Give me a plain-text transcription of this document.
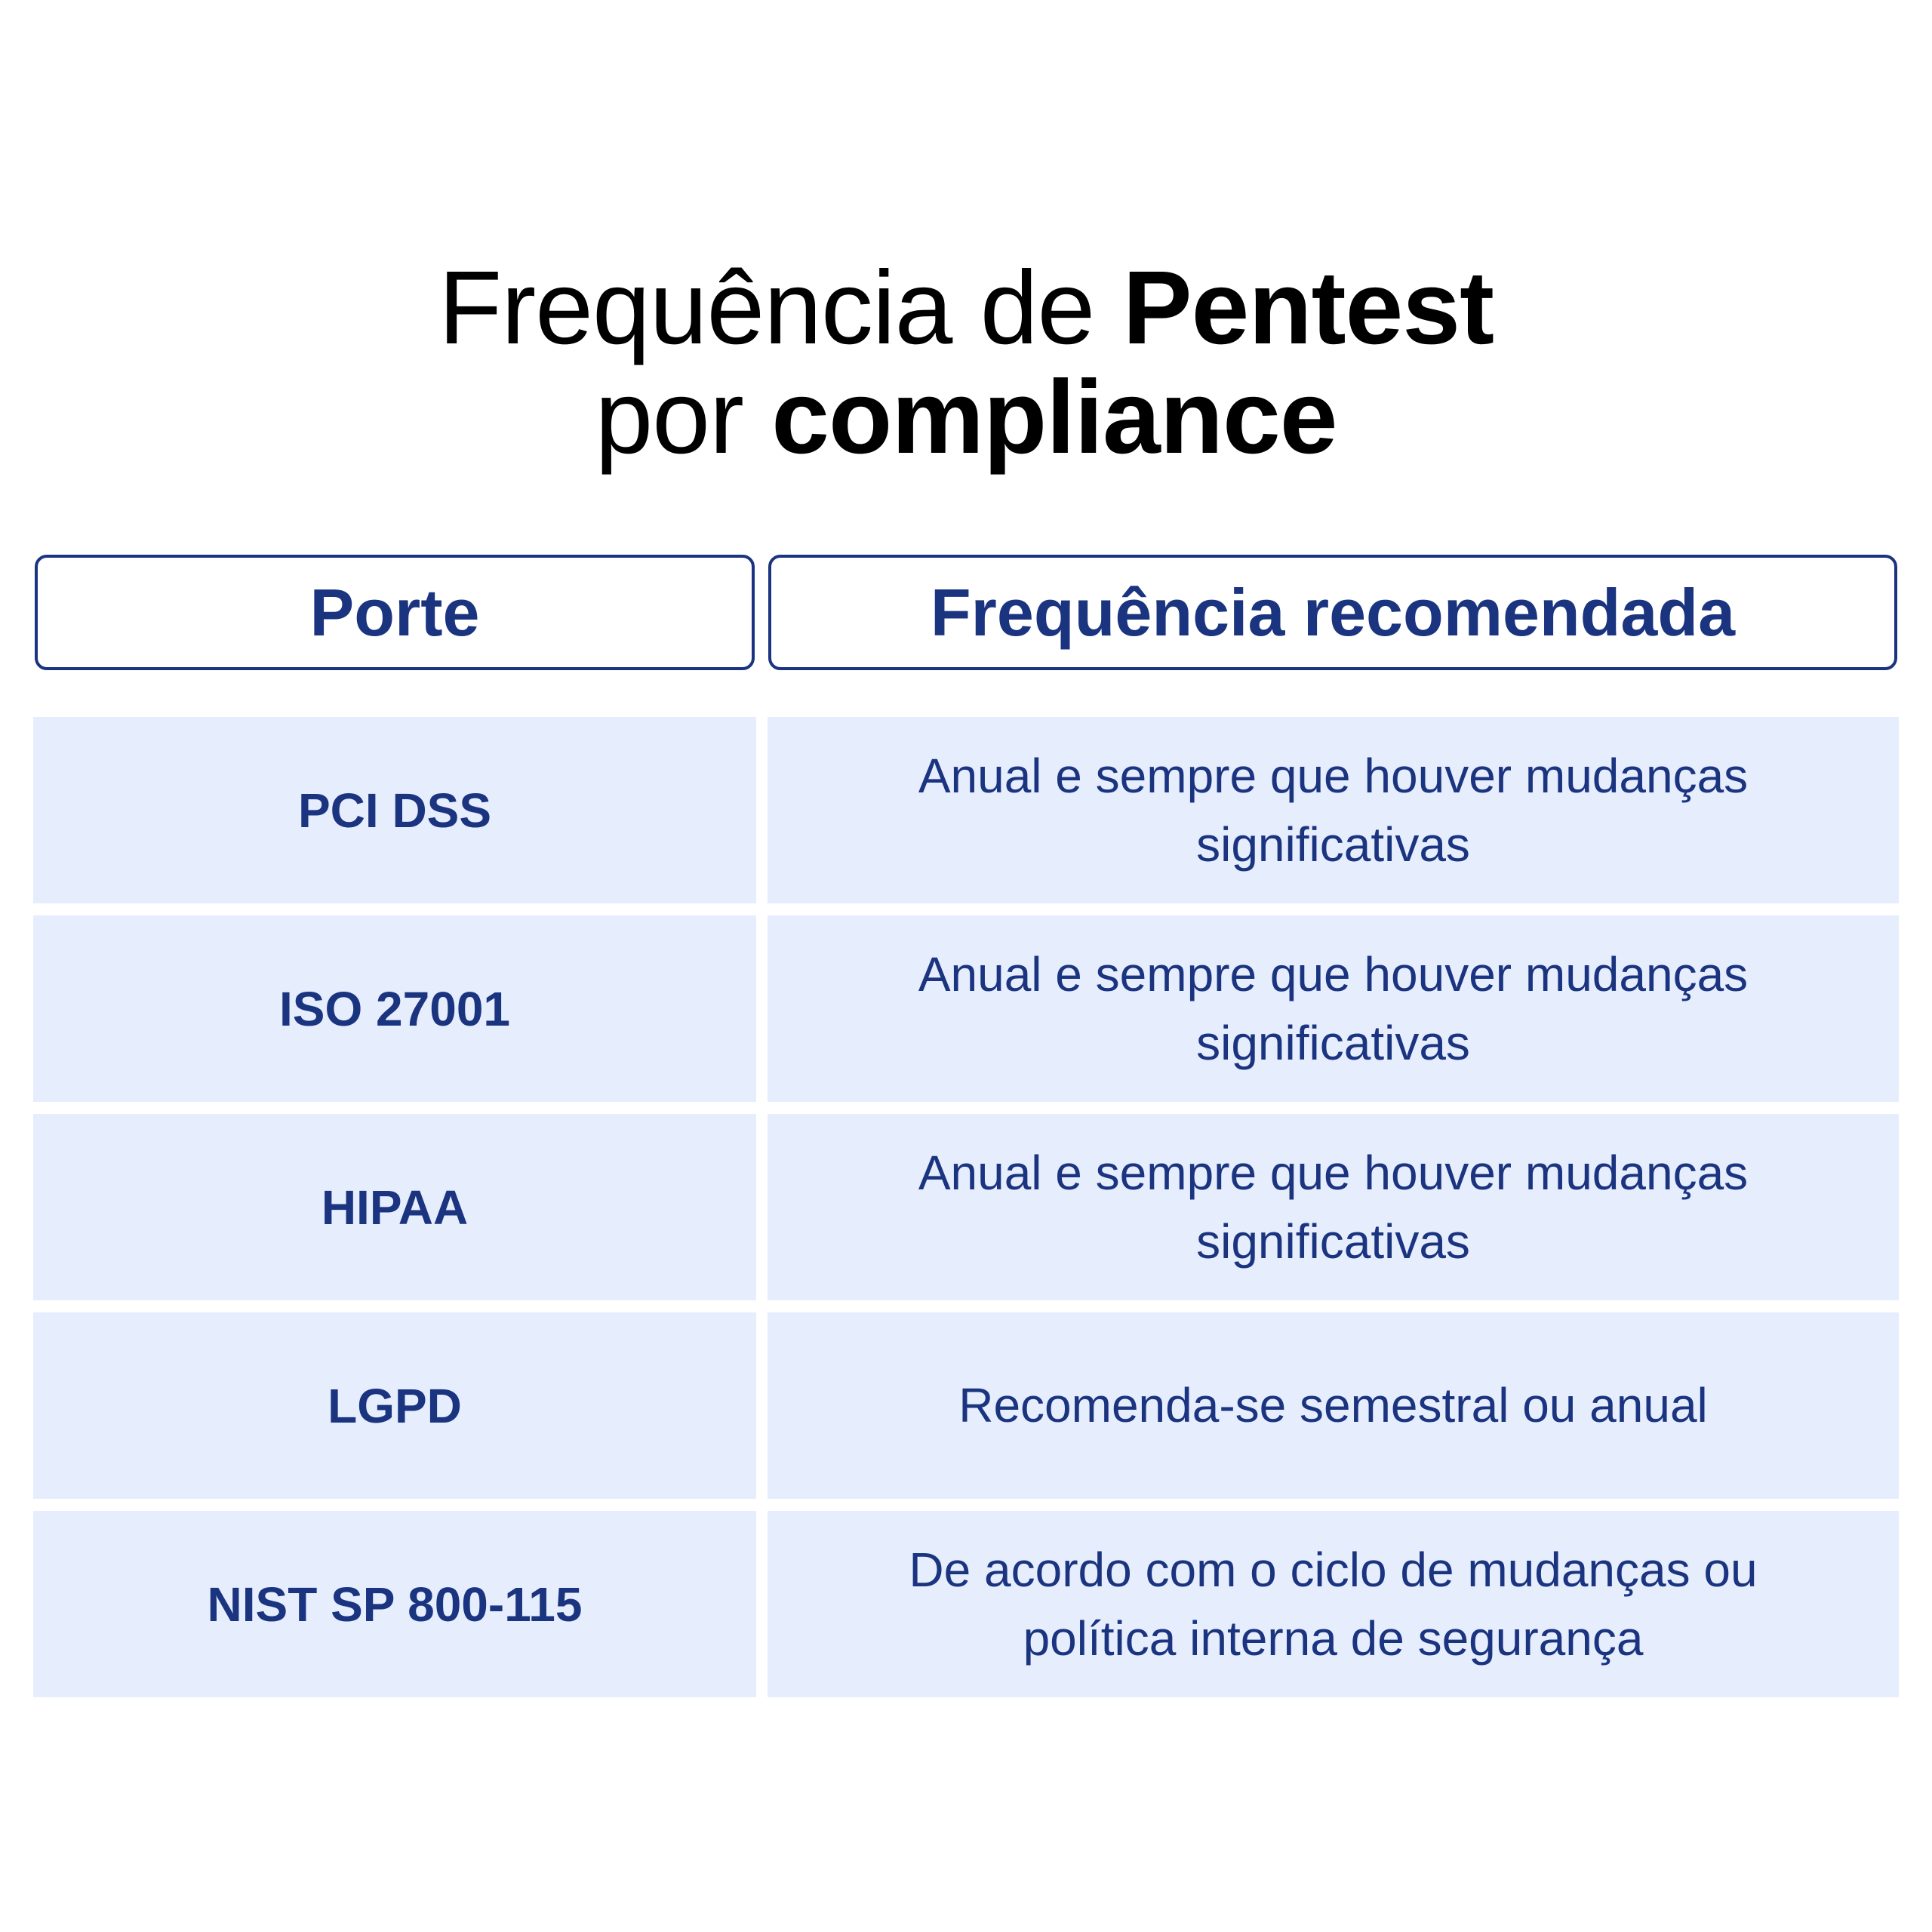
Frequência de Pentest
por compliance
Porte	Frequência recomendada
PCI DSS
Anual e sempre que houver mudanças significativas
ISO 27001
Anual e sempre que houver mudanças significativas
HIPAA
Anual e sempre que houver mudanças significativas
LGPD	Recomenda-se semestral ou anual
NIST SP 800-115
De acordo com o ciclo de mudanças ou política interna de segurança
